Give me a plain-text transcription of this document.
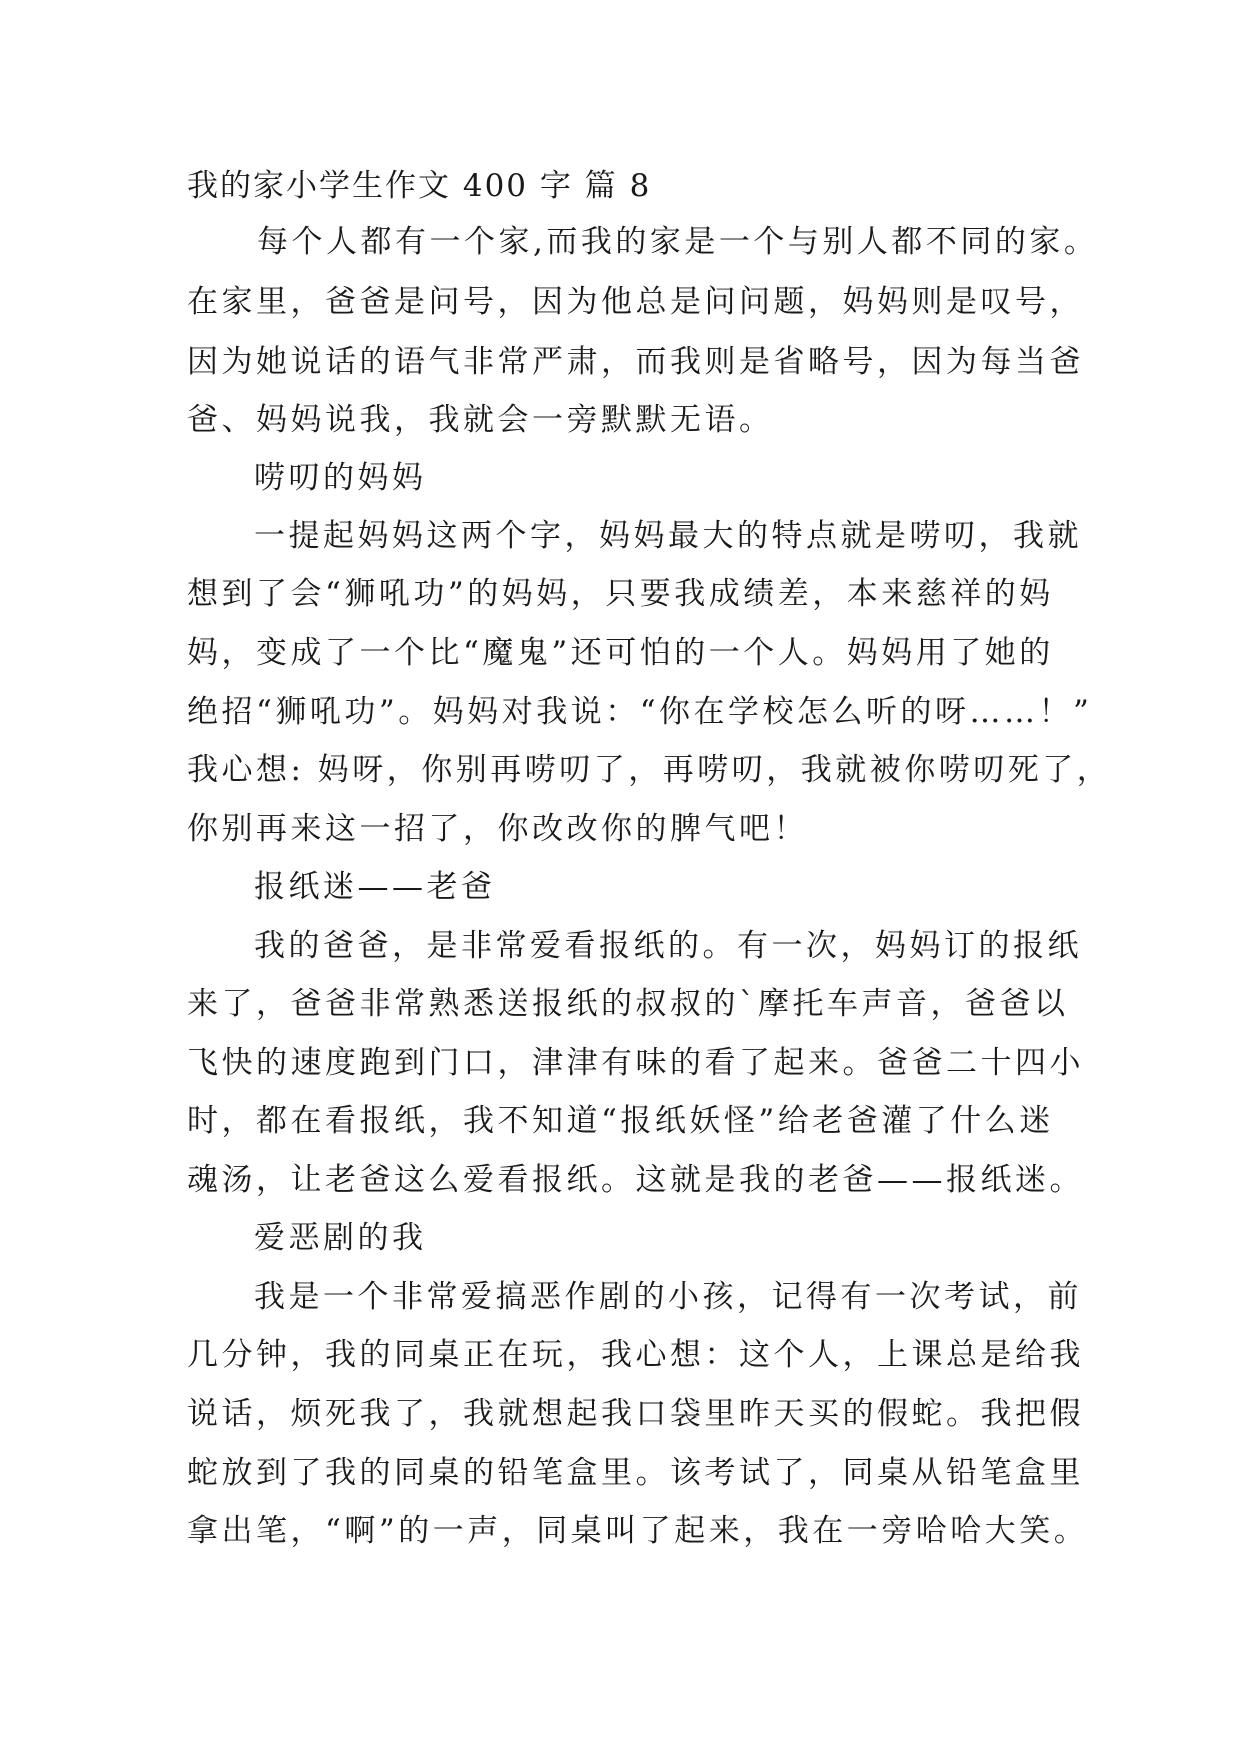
我的家小学生作文 400 字 篇 8
每个人都有一个家,而我的家是一个与别人都不同的家。
在家里，爸爸是问号，因为他总是问问题，妈妈则是叹号，
因为她说话的语气非常严肃，而我则是省略号，因为每当爸
爸、妈妈说我，我就会一旁默默无语。
唠叨的妈妈
一提起妈妈这两个字，妈妈最大的特点就是唠叨，我就
想到了会“狮吼功”的妈妈，只要我成绩差，本来慈祥的妈
妈，变成了一个比“魔鬼”还可怕的一个人。妈妈用了她的
绝招“狮吼功”。妈妈对我说：“你在学校怎么听的呀……！”
我心想: 妈呀，你别再唠叨了，再唠叨，我就被你唠叨死了，
你别再来这一招了，你改改你的脾气吧！
报纸迷——老爸
我的爸爸，是非常爱看报纸的。有一次，妈妈订的报纸
来了，爸爸非常熟悉送报纸的叔叔的`摩托车声音，爸爸以
飞快的速度跑到门口，津津有味的看了起来。爸爸二十四小
时，都在看报纸，我不知道“报纸妖怪”给老爸灌了什么迷
魂汤，让老爸这么爱看报纸。这就是我的老爸——报纸迷。
爱恶剧的我
我是一个非常爱搞恶作剧的小孩，记得有一次考试，前
几分钟，我的同桌正在玩，我心想：这个人，上课总是给我
说话，烦死我了，我就想起我口袋里昨天买的假蛇。我把假
蛇放到了我的同桌的铅笔盒里。该考试了，同桌从铅笔盒里
拿出笔，“啊”的一声，同桌叫了起来，我在一旁哈哈大笑。
